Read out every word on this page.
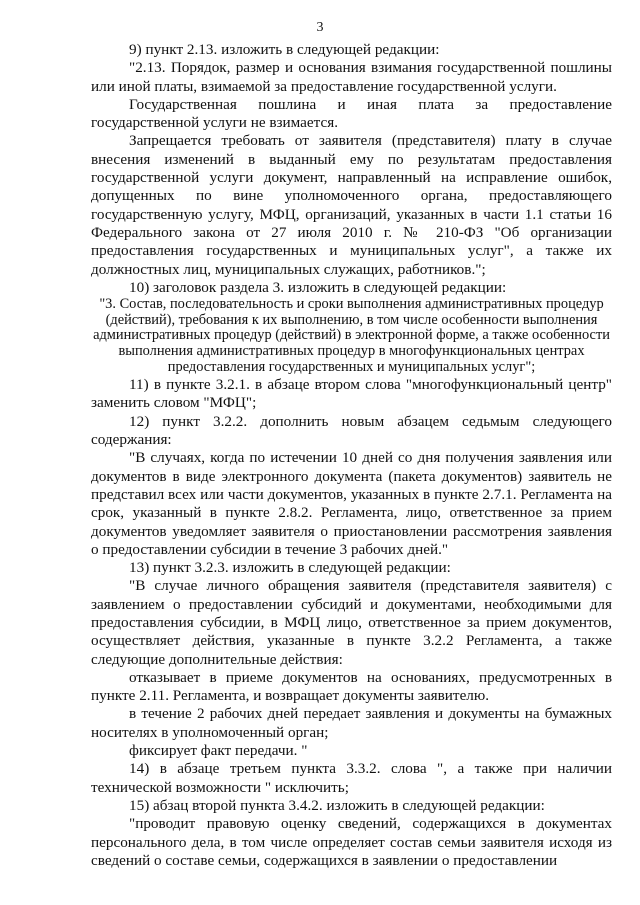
3

9) пункт 2.13. изложить в следующей редакции:

"2.13. Порядок, размер и основания взимания государственной пошлины или иной платы, взимаемой за предоставление государственной услуги.

Государственная пошлина и иная плата за предоставление государственной услуги не взимается.

Запрещается требовать от заявителя (представителя) плату в случае внесения изменений в выданный ему по результатам предоставления государственной услуги документ, направленный на исправление ошибок, допущенных по вине уполномоченного органа, предоставляющего государственную услугу, МФЦ, организаций, указанных в части 1.1 статьи 16 Федерального закона от 27 июля 2010 г. № 210-ФЗ "Об организации предоставления государственных и муниципальных услуг", а также их должностных лиц, муниципальных служащих, работников.";

10) заголовок раздела 3. изложить в следующей редакции:

"3. Состав, последовательность и сроки выполнения административных процедур (действий), требования к их выполнению, в том числе особенности выполнения административных процедур (действий) в электронной форме, а также особенности выполнения административных процедур в многофункциональных центрах предоставления государственных и муниципальных услуг";

11) в пункте 3.2.1. в абзаце втором слова "многофункциональный центр" заменить словом "МФЦ";

12) пункт 3.2.2. дополнить новым абзацем седьмым следующего содержания:

"В случаях, когда по истечении 10 дней со дня получения заявления или документов в виде электронного документа (пакета документов) заявитель не представил всех или части документов, указанных в пункте 2.7.1. Регламента на срок, указанный в пункте 2.8.2. Регламента, лицо, ответственное за прием документов уведомляет заявителя о приостановлении рассмотрения заявления о предоставлении субсидии в течение 3 рабочих дней."

13) пункт 3.2.3. изложить в следующей редакции:

"В случае личного обращения заявителя (представителя заявителя) с заявлением о предоставлении субсидий и документами, необходимыми для предоставления субсидии, в МФЦ лицо, ответственное за прием документов, осуществляет действия, указанные в пункте 3.2.2 Регламента, а также следующие дополнительные действия:

отказывает в приеме документов на основаниях, предусмотренных в пункте 2.11. Регламента, и возвращает документы заявителю.

в течение 2 рабочих дней передает заявления и документы на бумажных носителях в уполномоченный орган;

фиксирует факт передачи. "

14) в абзаце третьем пункта 3.3.2. слова ", а также при наличии технической возможности " исключить;

15) абзац второй пункта 3.4.2. изложить в следующей редакции:

"проводит правовую оценку сведений, содержащихся в документах персонального дела, в том числе определяет состав семьи заявителя исходя из сведений о составе семьи, содержащихся в заявлении о предоставлении
